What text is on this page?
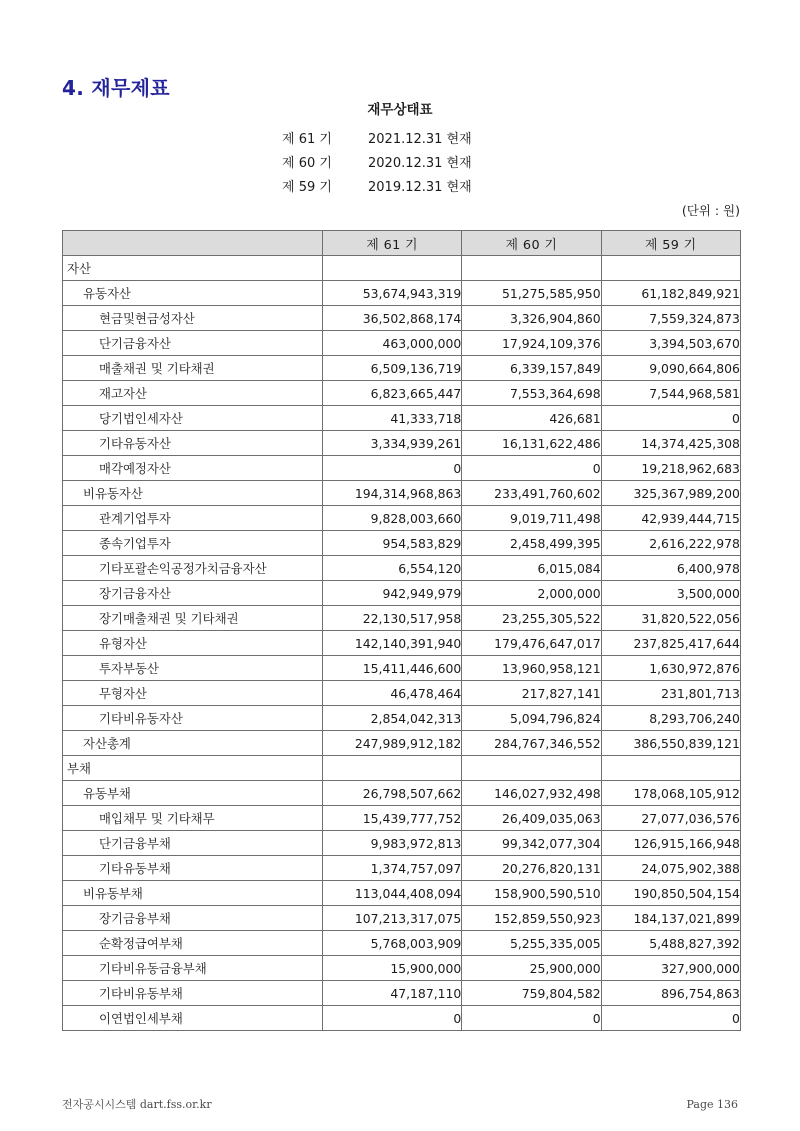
4. 재무제표
재무상태표
제 61 기	2021.12.31 현재
제 60 기	2020.12.31 현재
제 59 기	2019.12.31 현재
(단위 : 원)
	제 61 기	제 60 기	제 59 기
자산			
유동자산	53,674,943,319	51,275,585,950	61,182,849,921
현금및현금성자산	36,502,868,174	3,326,904,860	7,559,324,873
단기금융자산	463,000,000	17,924,109,376	3,394,503,670
매출채권 및 기타채권	6,509,136,719	6,339,157,849	9,090,664,806
재고자산	6,823,665,447	7,553,364,698	7,544,968,581
당기법인세자산	41,333,718	426,681	0
기타유동자산	3,334,939,261	16,131,622,486	14,374,425,308
매각예정자산	0	0	19,218,962,683
비유동자산	194,314,968,863	233,491,760,602	325,367,989,200
관계기업투자	9,828,003,660	9,019,711,498	42,939,444,715
종속기업투자	954,583,829	2,458,499,395	2,616,222,978
기타포괄손익공정가치금융자산	6,554,120	6,015,084	6,400,978
장기금융자산	942,949,979	2,000,000	3,500,000
장기매출채권 및 기타채권	22,130,517,958	23,255,305,522	31,820,522,056
유형자산	142,140,391,940	179,476,647,017	237,825,417,644
투자부동산	15,411,446,600	13,960,958,121	1,630,972,876
무형자산	46,478,464	217,827,141	231,801,713
기타비유동자산	2,854,042,313	5,094,796,824	8,293,706,240
자산총계	247,989,912,182	284,767,346,552	386,550,839,121
부채			
유동부채	26,798,507,662	146,027,932,498	178,068,105,912
매입채무 및 기타채무	15,439,777,752	26,409,035,063	27,077,036,576
단기금융부채	9,983,972,813	99,342,077,304	126,915,166,948
기타유동부채	1,374,757,097	20,276,820,131	24,075,902,388
비유동부채	113,044,408,094	158,900,590,510	190,850,504,154
장기금융부채	107,213,317,075	152,859,550,923	184,137,021,899
순확정급여부채	5,768,003,909	5,255,335,005	5,488,827,392
기타비유동금융부채	15,900,000	25,900,000	327,900,000
기타비유동부채	47,187,110	759,804,582	896,754,863
이연법인세부채	0	0	0
전자공시시스템 dart.fss.or.kr	Page 136
